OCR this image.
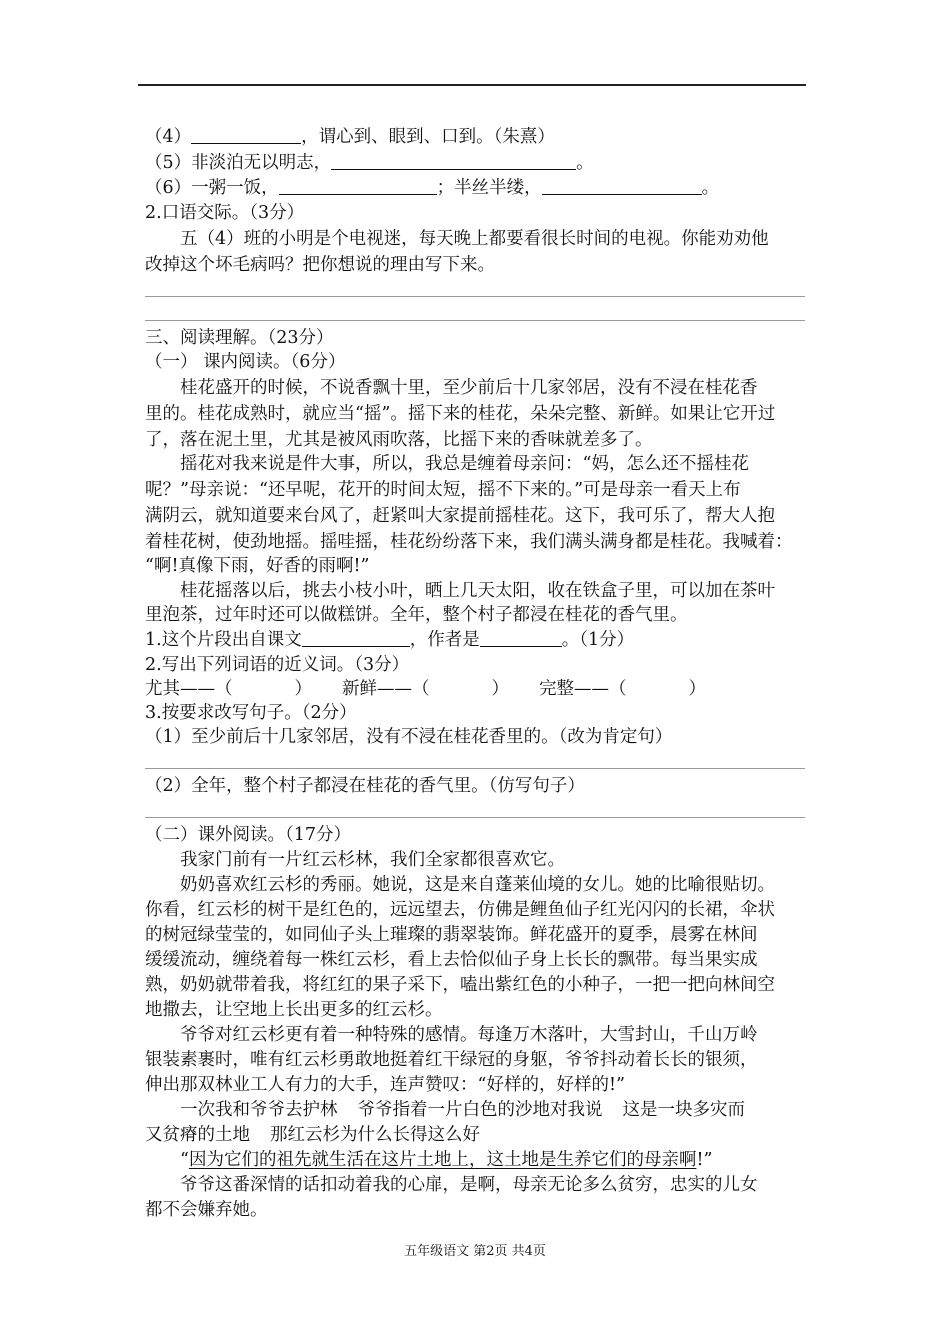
（4）	，谓心到、眼到、口到。（朱熹）
（5）非淡泊无以明志，	。
（6）一粥一饭，	；半丝半缕，	。
2.口语交际。（3分）
五（4）班的小明是个电视迷，每天晚上都要看很长时间的电视。你能劝劝他
改掉这个坏毛病吗？把你想说的理由写下来。
三、阅读理解。（23分）
（一） 课内阅读。（6分）
桂花盛开的时候，不说香飘十里，至少前后十几家邻居，没有不浸在桂花香
里的。桂花成熟时，就应当“摇”。摇下来的桂花，朵朵完整、新鲜。如果让它开过
了，落在泥土里，尤其是被风雨吹落，比摇下来的香味就差多了。
摇花对我来说是件大事，所以，我总是缠着母亲问：“妈，怎么还不摇桂花
呢？”母亲说：“还早呢，花开的时间太短，摇不下来的。”可是母亲一看天上布
满阴云，就知道要来台风了，赶紧叫大家提前摇桂花。这下，我可乐了，帮大人抱
着桂花树，使劲地摇。摇哇摇，桂花纷纷落下来，我们满头满身都是桂花。我喊着：
“啊!真像下雨，好香的雨啊!”
桂花摇落以后，挑去小枝小叶，晒上几天太阳，收在铁盒子里，可以加在茶叶
里泡茶，过年时还可以做糕饼。全年，整个村子都浸在桂花的香气里。
1.这个片段出自课文	，作者是	。（1分）
2.写出下列词语的近义词。（3分）
尤其——（	） 新鲜——（	） 完整——（	）
3.按要求改写句子。（2分）
（1）至少前后十几家邻居，没有不浸在桂花香里的。（改为肯定句）
（2）全年，整个村子都浸在桂花的香气里。（仿写句子）
（二）课外阅读。（17分）
我家门前有一片红云杉林，我们全家都很喜欢它。
奶奶喜欢红云杉的秀丽。她说，这是来自蓬莱仙境的女儿。她的比喻很贴切。
你看，红云杉的树干是红色的，远远望去，仿佛是鲤鱼仙子红光闪闪的长裙，伞状
的树冠绿莹莹的，如同仙子头上璀璨的翡翠装饰。鲜花盛开的夏季，晨雾在林间
缓缓流动，缠绕着每一株红云杉，看上去恰似仙子身上长长的飘带。每当果实成
熟，奶奶就带着我，将红红的果子采下，嗑出紫红色的小种子，一把一把向林间空
地撒去，让空地上长出更多的红云杉。
爷爷对红云杉更有着一种特殊的感情。每逢万木落叶，大雪封山，千山万岭
银装素裹时，唯有红云杉勇敢地挺着红干绿冠的身躯，爷爷抖动着长长的银须，
伸出那双林业工人有力的大手，连声赞叹：“好样的，好样的!”
一次我和爷爷去护林 爷爷指着一片白色的沙地对我说 这是一块多灾而
又贫瘠的土地 那红云杉为什么长得这么好
“因为它们的祖先就生活在这片土地上，这土地是生养它们的母亲啊!”
爷爷这番深情的话扣动着我的心扉，是啊，母亲无论多么贫穷，忠实的儿女
都不会嫌弃她。
五年级语文 第2页 共4页
